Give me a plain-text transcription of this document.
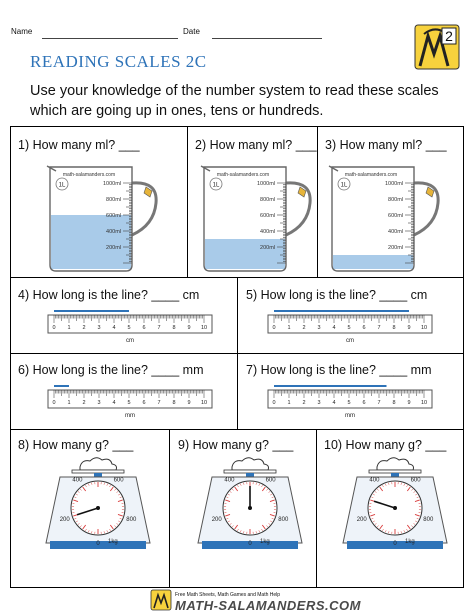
Name	Date	2
READING SCALES 2C
Use your knowledge of the number system to read these scales which are going up in ones, tens or hundreds.
1) How many ml? ___	2) How many ml? ___ 3) How many ml? ___
4) How long is the line? ____ cm	5) How long is the line? ____ cm
6) How long is the line? ____ mm	7) How long is the line? ____ mm
8) How many g? ___	9) How many g? ___ 10) How many g? ___
math-salamanders.com
1L	1000ml
800ml
600ml
400ml
200ml
math-salamanders.com
1L	1000ml
800ml
600ml
400ml
200ml
math-salamanders.com
1L	1000ml
800ml
600ml
400ml
200ml
0 1 2 3 4 5 6 7 8 9 10
cm
0 1 2 3 4 5 6 7 8 9 10
cm
0 1 2 3 4 5 6 7 8 9 10
mm
0 1 2 3 4 5 6 7 8 9 10
mm
0
200
400	600
800
1kg	0
200
400	600
800
1kg	0
200
400	600
800
1kg
Free Math Sheets, Math Games and Math Help
MATH-SALAMANDERS.COM
